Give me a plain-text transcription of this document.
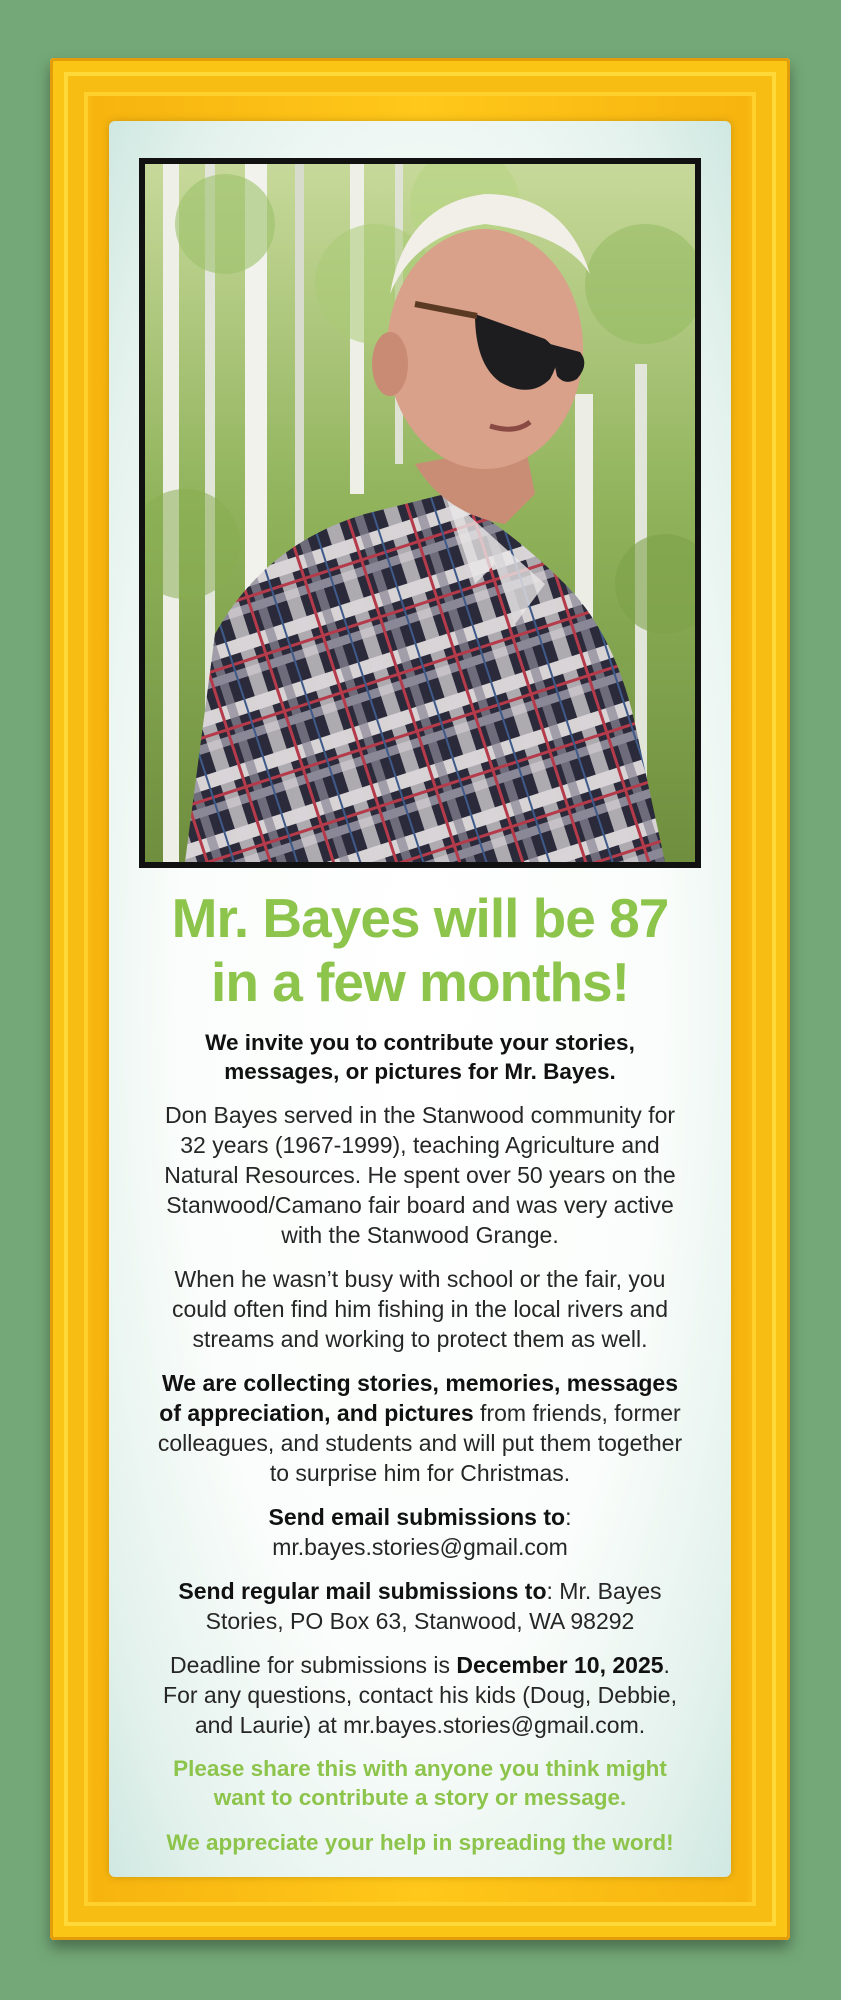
Mr. Bayes will be 87
in a few months!

We invite you to contribute your stories,
messages, or pictures for Mr. Bayes.

Don Bayes served in the Stanwood community for
32 years (1967-1999), teaching Agriculture and
Natural Resources. He spent over 50 years on the
Stanwood/Camano fair board and was very active
with the Stanwood Grange.

When he wasn’t busy with school or the fair, you
could often find him fishing in the local rivers and
streams and working to protect them as well.

We are collecting stories, memories, messages
of appreciation, and pictures from friends, former
colleagues, and students and will put them together
to surprise him for Christmas.

Send email submissions to:
mr.bayes.stories@gmail.com

Send regular mail submissions to: Mr. Bayes
Stories, PO Box 63, Stanwood, WA 98292

Deadline for submissions is December 10, 2025.
For any questions, contact his kids (Doug, Debbie,
and Laurie) at mr.bayes.stories@gmail.com.

Please share this with anyone you think might
want to contribute a story or message.

We appreciate your help in spreading the word!
